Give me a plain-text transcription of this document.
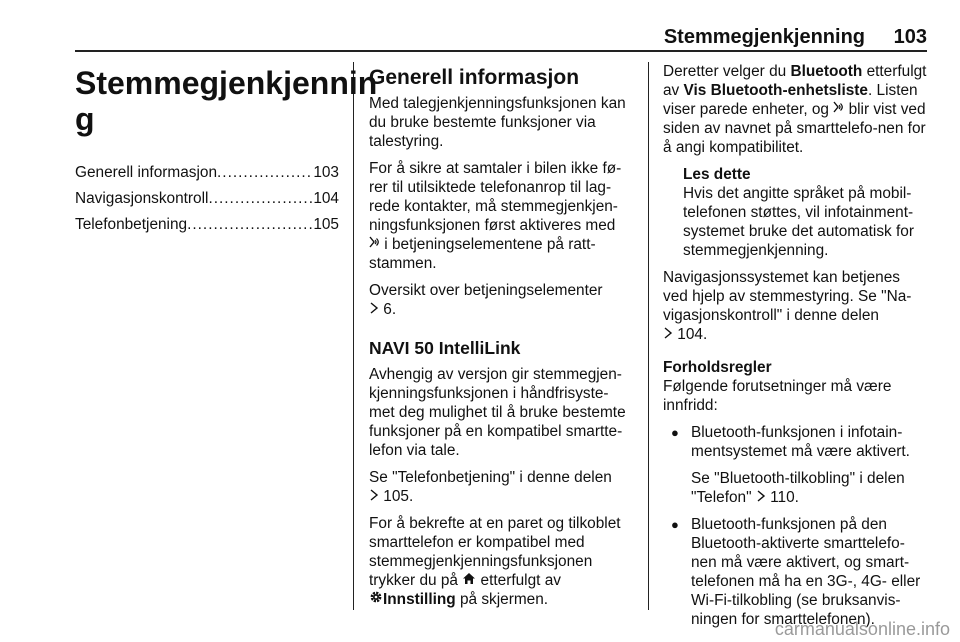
Stemmegjenkjenning 103
Stemmegjenkjennin
g
Generell informasjon .....	103
Navigasjonskontroll .....	104
Telefonbetjening .....	105
Generell informasjon

Med talegjenkjenningsfunksjonen kan du bruke bestemte funksjoner via talestyring.

For å sikre at samtaler i bilen ikke fø-rer til utilsiktede telefonanrop til lag-rede kontakter, må stemmegjenkjen-ningsfunksjonen først aktiveres med
i betjeningselementene på ratt-stammen.

Oversikt over betjeningselementer
6.

NAVI 50 IntelliLink

Avhengig av versjon gir stemmegjen-kjenningsfunksjonen i håndfrisyste-met deg mulighet til å bruke bestemte funksjoner på en kompatibel smartte-lefon via tale.

Se "Telefonbetjening" i denne delen
105.

For å bekrefte at en paret og tilkoblet smarttelefon er kompatibel med stemmegjenkjenningsfunksjonen trykker du på etterfulgt av
Innstilling på skjermen.

Deretter velger du Bluetooth etterfulgt av Vis Bluetooth-enhetsliste. Listen viser parede enheter, og blir vist ved siden av navnet på smarttelefo-nen for å angi kompatibilitet.

Les dette
Hvis det angitte språket på mobil-telefonen støttes, vil infotainment-systemet bruke det automatisk for stemmegjenkjenning.

Navigasjonssystemet kan betjenes ved hjelp av stemmestyring. Se "Na-vigasjonskontroll" i denne delen
104.

Forholdsregler

Følgende forutsetninger må være innfridd:

● Bluetooth-funksjonen i infotain-mentsystemet må være aktivert.

Se "Bluetooth-tilkobling" i delen "Telefon" 110.

● Bluetooth-funksjonen på den Bluetooth-aktiverte smarttelefo-nen må være aktivert, og smart-telefonen må ha en 3G-, 4G- eller Wi-Fi-tilkobling (se bruksanvis-ningen for smarttelefonen).

carmanualsonline.info
